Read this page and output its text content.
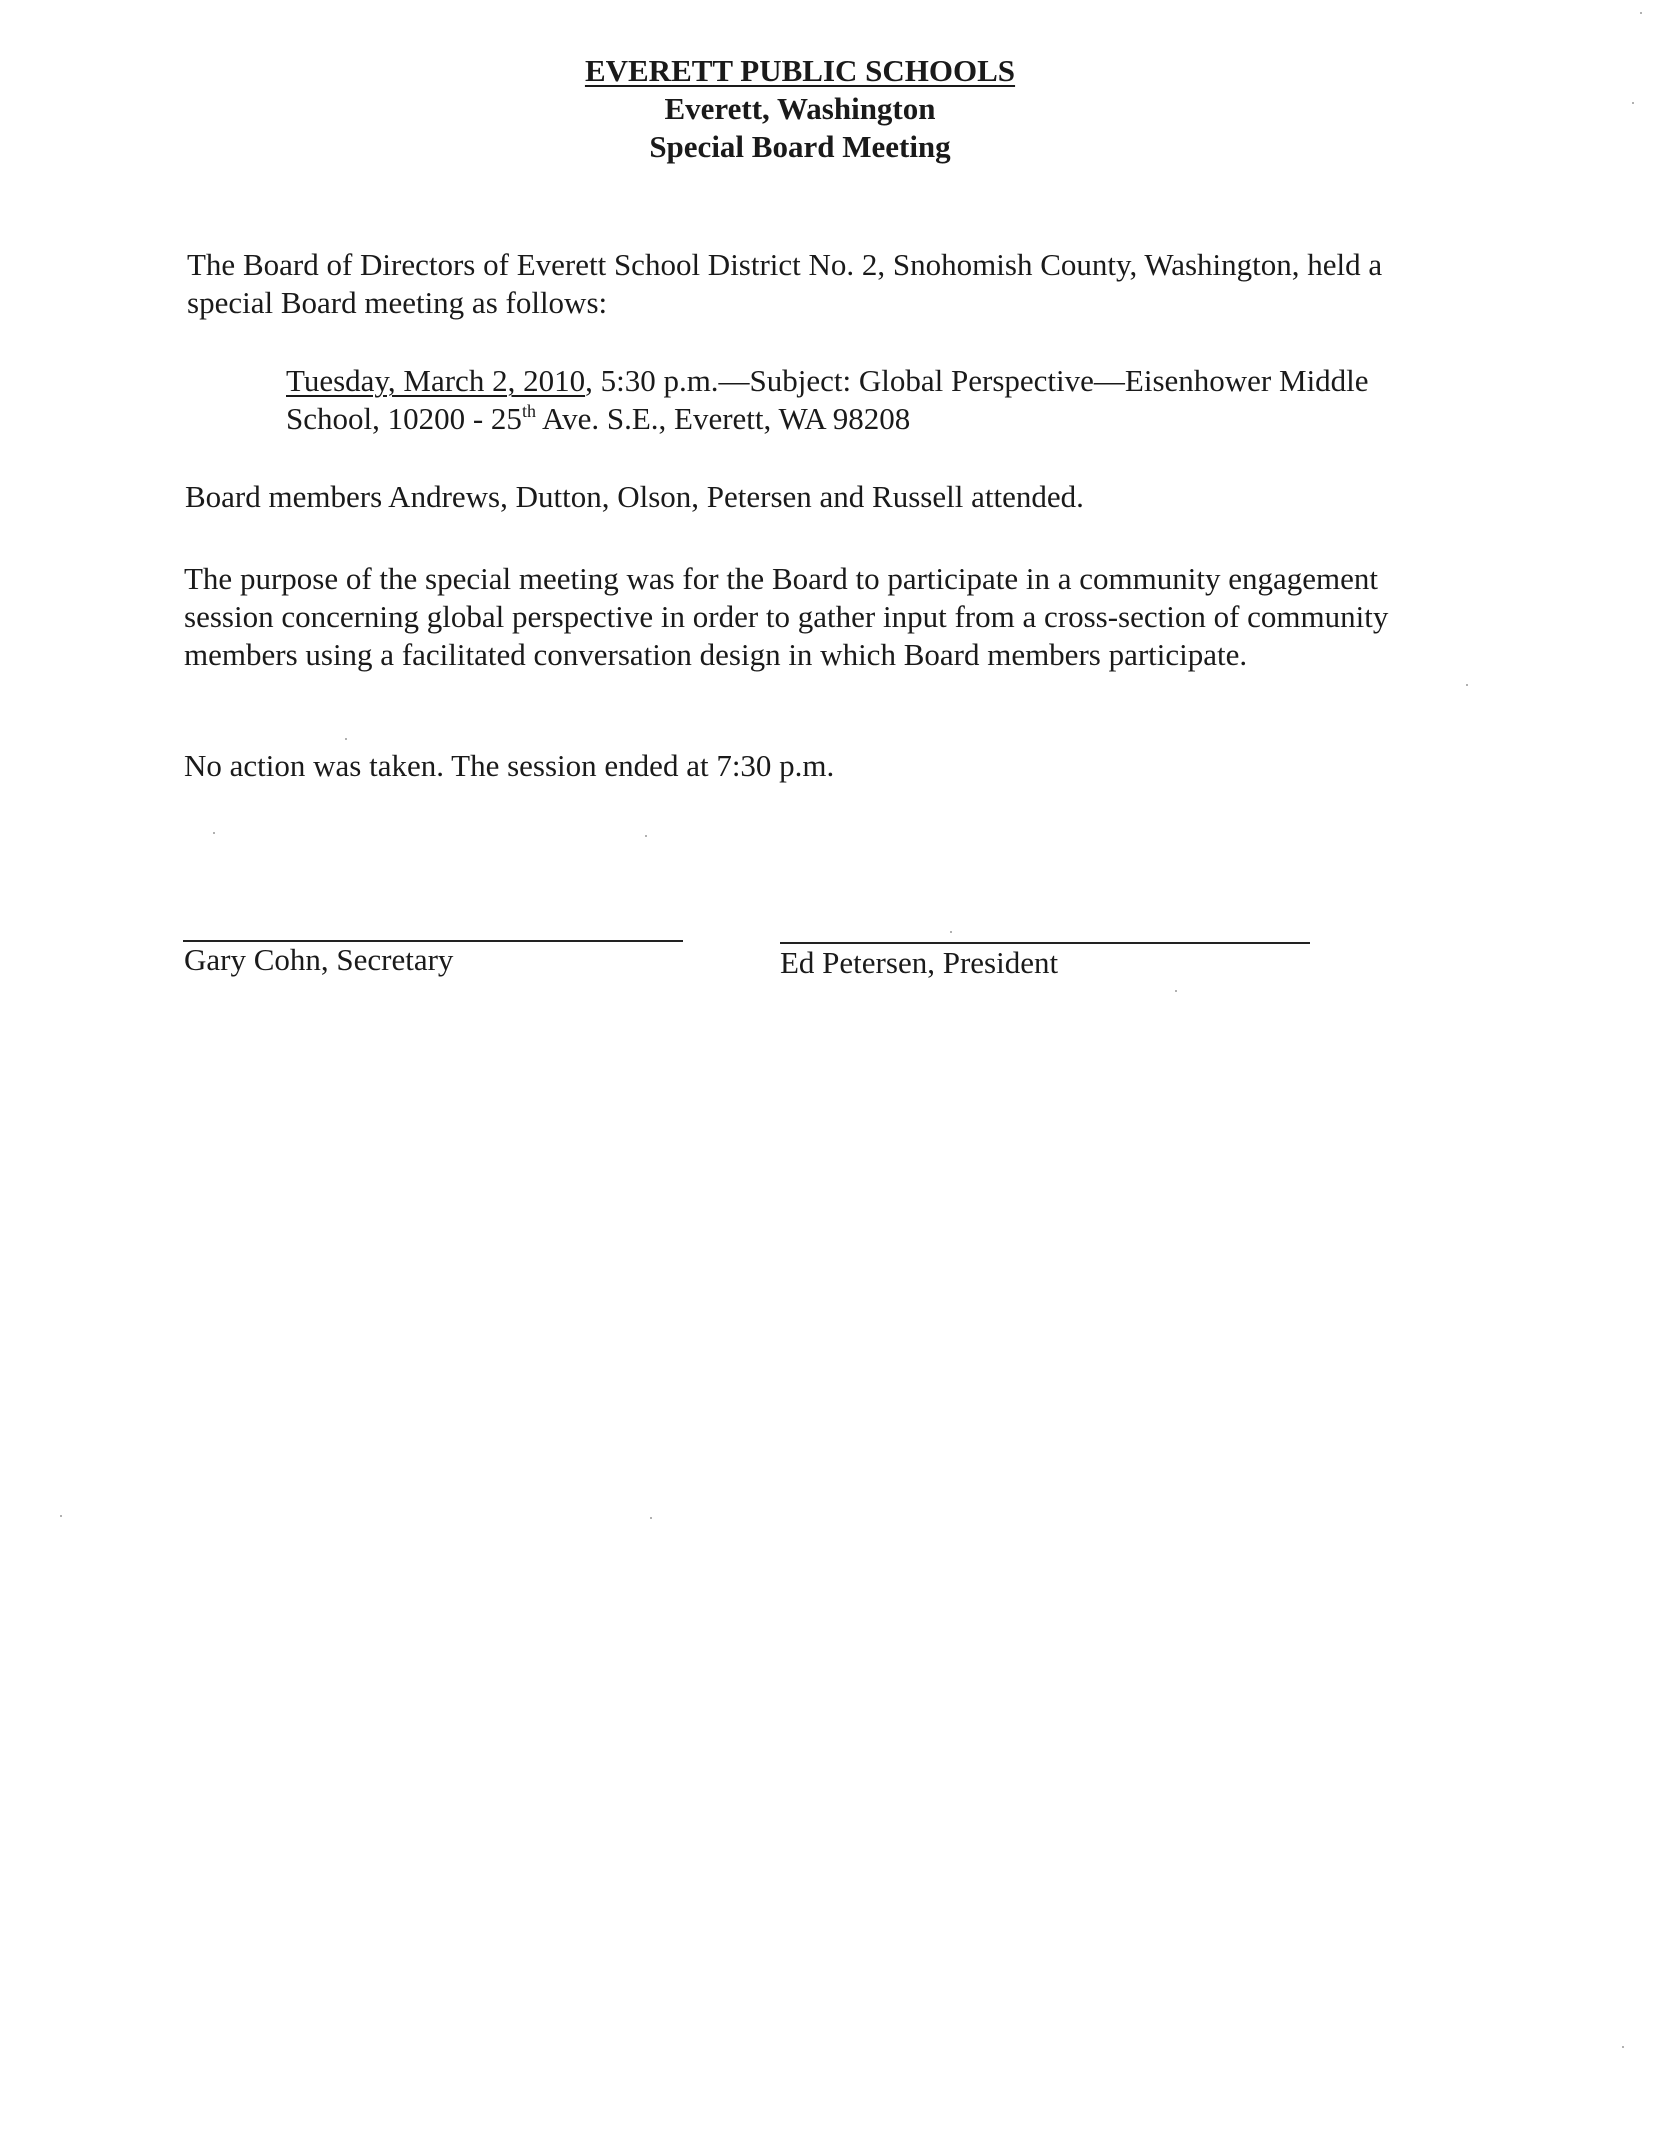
EVERETT PUBLIC SCHOOLS
Everett, Washington
Special Board Meeting
The Board of Directors of Everett School District No. 2, Snohomish County, Washington, held a special Board meeting as follows:
Tuesday, March 2, 2010, 5:30 p.m.—Subject: Global Perspective—Eisenhower Middle School, 10200 - 25th Ave. S.E., Everett, WA 98208
Board members Andrews, Dutton, Olson, Petersen and Russell attended.
The purpose of the special meeting was for the Board to participate in a community engagement session concerning global perspective in order to gather input from a cross-section of community members using a facilitated conversation design in which Board members participate.
No action was taken. The session ended at 7:30 p.m.
Gary Cohn, Secretary	Ed Petersen, President
